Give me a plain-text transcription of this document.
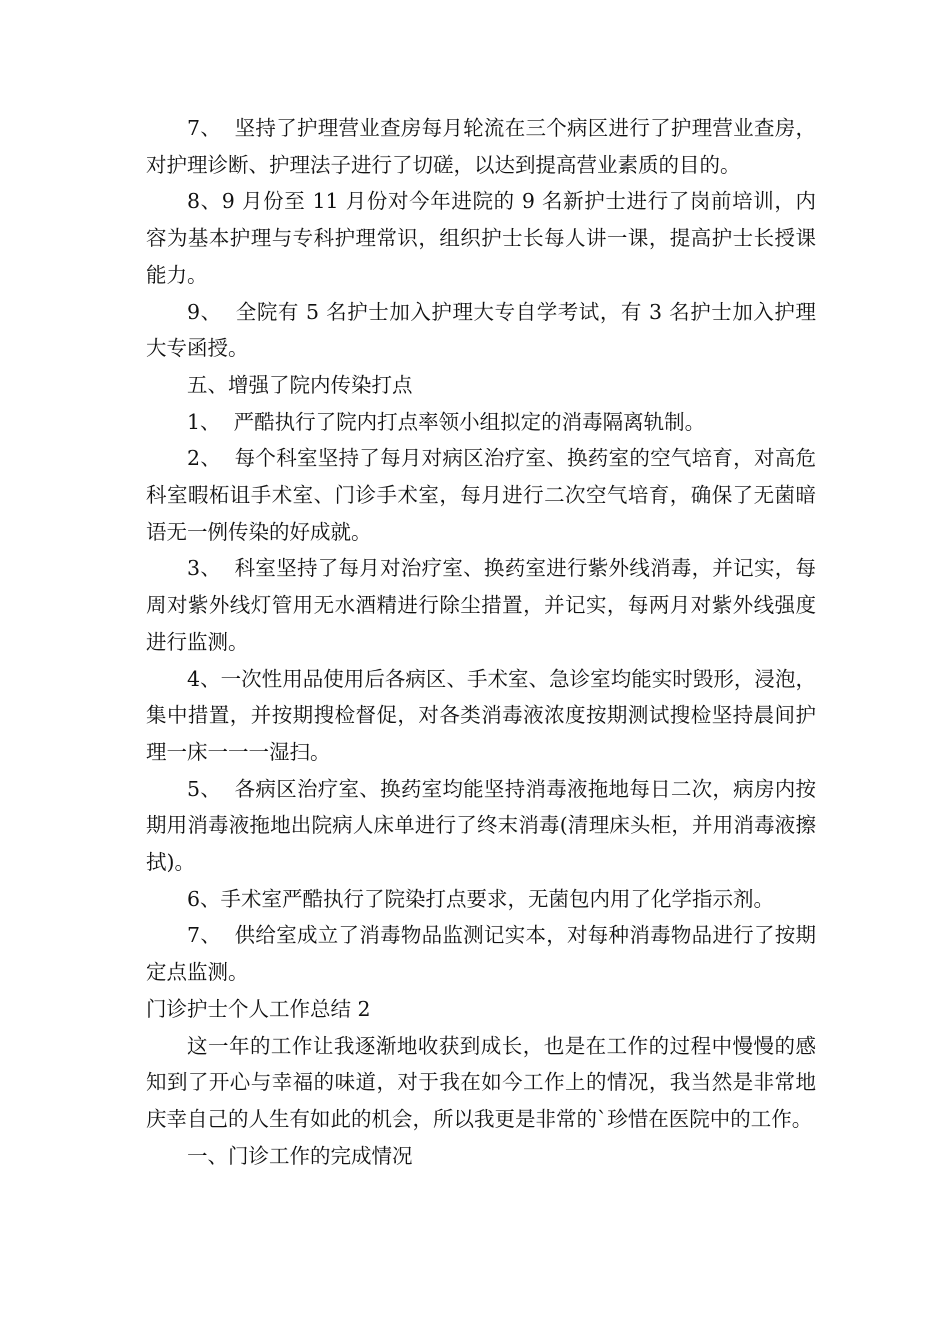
7、  坚持了护理营业查房每月轮流在三个病区进行了护理营业查房，对护理诊断、护理法子进行了切磋，以达到提高营业素质的目的。

8、9 月份至 11 月份对今年进院的 9 名新护士进行了岗前培训，内容为基本护理与专科护理常识，组织护士长每人讲一课，提高护士长授课能力。

9、  全院有 5 名护士加入护理大专自学考试，有 3 名护士加入护理大专函授。

五、增强了院内传染打点

1、  严酷执行了院内打点率领小组拟定的消毒隔离轨制。

2、  每个科室坚持了每月对病区治疗室、换药室的空气培育，对高危科室暇柘诅手术室、门诊手术室，每月进行二次空气培育，确保了无菌暗语无一例传染的好成就。

3、  科室坚持了每月对治疗室、换药室进行紫外线消毒，并记实，每周对紫外线灯管用无水酒精进行除尘措置，并记实，每两月对紫外线强度进行监测。

4、一次性用品使用后各病区、手术室、急诊室均能实时毁形，浸泡，集中措置，并按期搜检督促，对各类消毒液浓度按期测试搜检坚持晨间护理一床一一一湿扫。

5、  各病区治疗室、换药室均能坚持消毒液拖地每日二次，病房内按期用消毒液拖地出院病人床单进行了终末消毒(清理床头柜，并用消毒液擦拭)。

6、手术室严酷执行了院染打点要求，无菌包内用了化学指示剂。

7、  供给室成立了消毒物品监测记实本，对每种消毒物品进行了按期定点监测。

门诊护士个人工作总结 2

这一年的工作让我逐渐地收获到成长，也是在工作的过程中慢慢的感知到了开心与幸福的味道，对于我在如今工作上的情况，我当然是非常地庆幸自己的人生有如此的机会，所以我更是非常的`珍惜在医院中的工作。

一、门诊工作的完成情况
